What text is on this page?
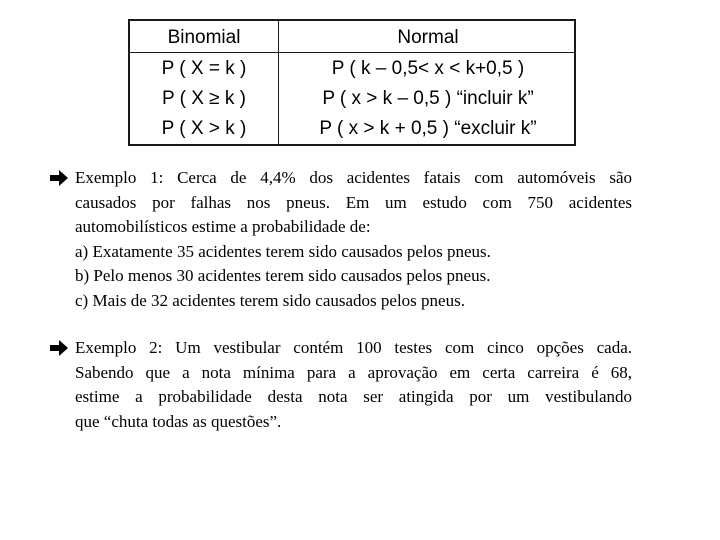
Binomial	Normal
P ( X = k )	P ( k – 0,5< x < k+0,5 )
P ( X ≥ k )	P ( x > k – 0,5 ) “incluir k”
P ( X > k )	P ( x > k + 0,5 ) “excluir k”
Exemplo 1: Cerca de 4,4% dos acidentes fatais com automóveis são
causados por falhas nos pneus. Em um estudo com 750 acidentes
automobilísticos estime a probabilidade de:
a) Exatamente 35 acidentes terem sido causados pelos pneus.
b) Pelo menos 30 acidentes terem sido causados pelos pneus.
c) Mais de 32 acidentes terem sido causados pelos pneus.
Exemplo 2: Um vestibular contém 100 testes com cinco opções cada.
Sabendo que a nota mínima para a aprovação em certa carreira é 68,
estime a probabilidade desta nota ser atingida por um vestibulando
que “chuta todas as questões”.
